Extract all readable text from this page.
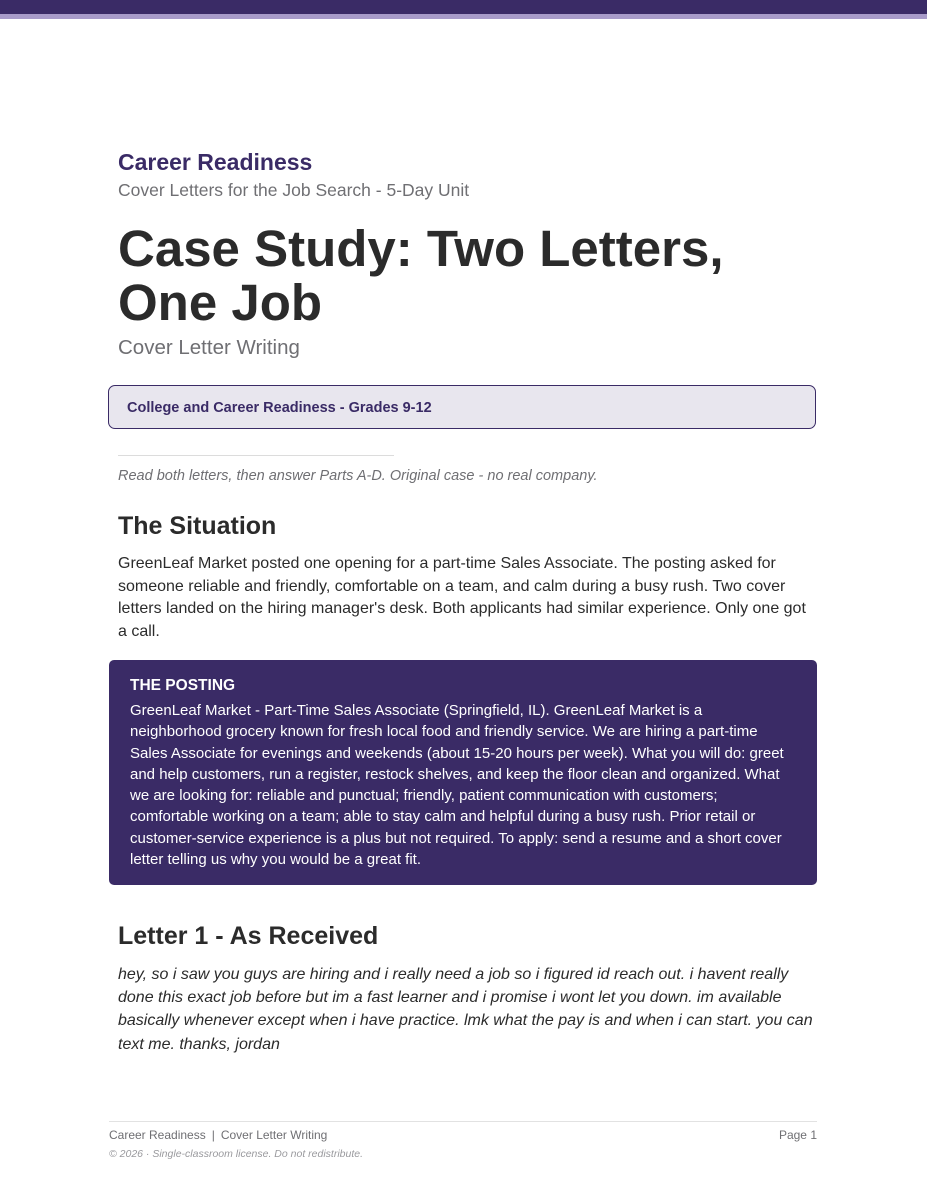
Career Readiness
Cover Letters for the Job Search - 5-Day Unit
Case Study: Two Letters, One Job
Cover Letter Writing
College and Career Readiness - Grades 9-12
Read both letters, then answer Parts A-D. Original case - no real company.
The Situation

GreenLeaf Market posted one opening for a part-time Sales Associate. The posting asked for someone reliable and friendly, comfortable on a team, and calm during a busy rush. Two cover letters landed on the hiring manager's desk. Both applicants had similar experience. Only one got a call.

THE POSTING

GreenLeaf Market - Part-Time Sales Associate (Springfield, IL). GreenLeaf Market is a neighborhood grocery known for fresh local food and friendly service. We are hiring a part-time Sales Associate for evenings and weekends (about 15-20 hours per week). What you will do: greet and help customers, run a register, restock shelves, and keep the floor clean and organized. What we are looking for: reliable and punctual; friendly, patient communication with customers; comfortable working on a team; able to stay calm and helpful during a busy rush. Prior retail or customer-service experience is a plus but not required. To apply: send a resume and a short cover letter telling us why you would be a great fit.

Letter 1 - As Received

hey, so i saw you guys are hiring and i really need a job so i figured id reach out. i havent really done this exact job before but im a fast learner and i promise i wont let you down. im available basically whenever except when i have practice. lmk what the pay is and when i can start. you can text me. thanks, jordan

Career Readiness | Cover Letter Writing	Page 1
© 2026 · Single-classroom license. Do not redistribute.
